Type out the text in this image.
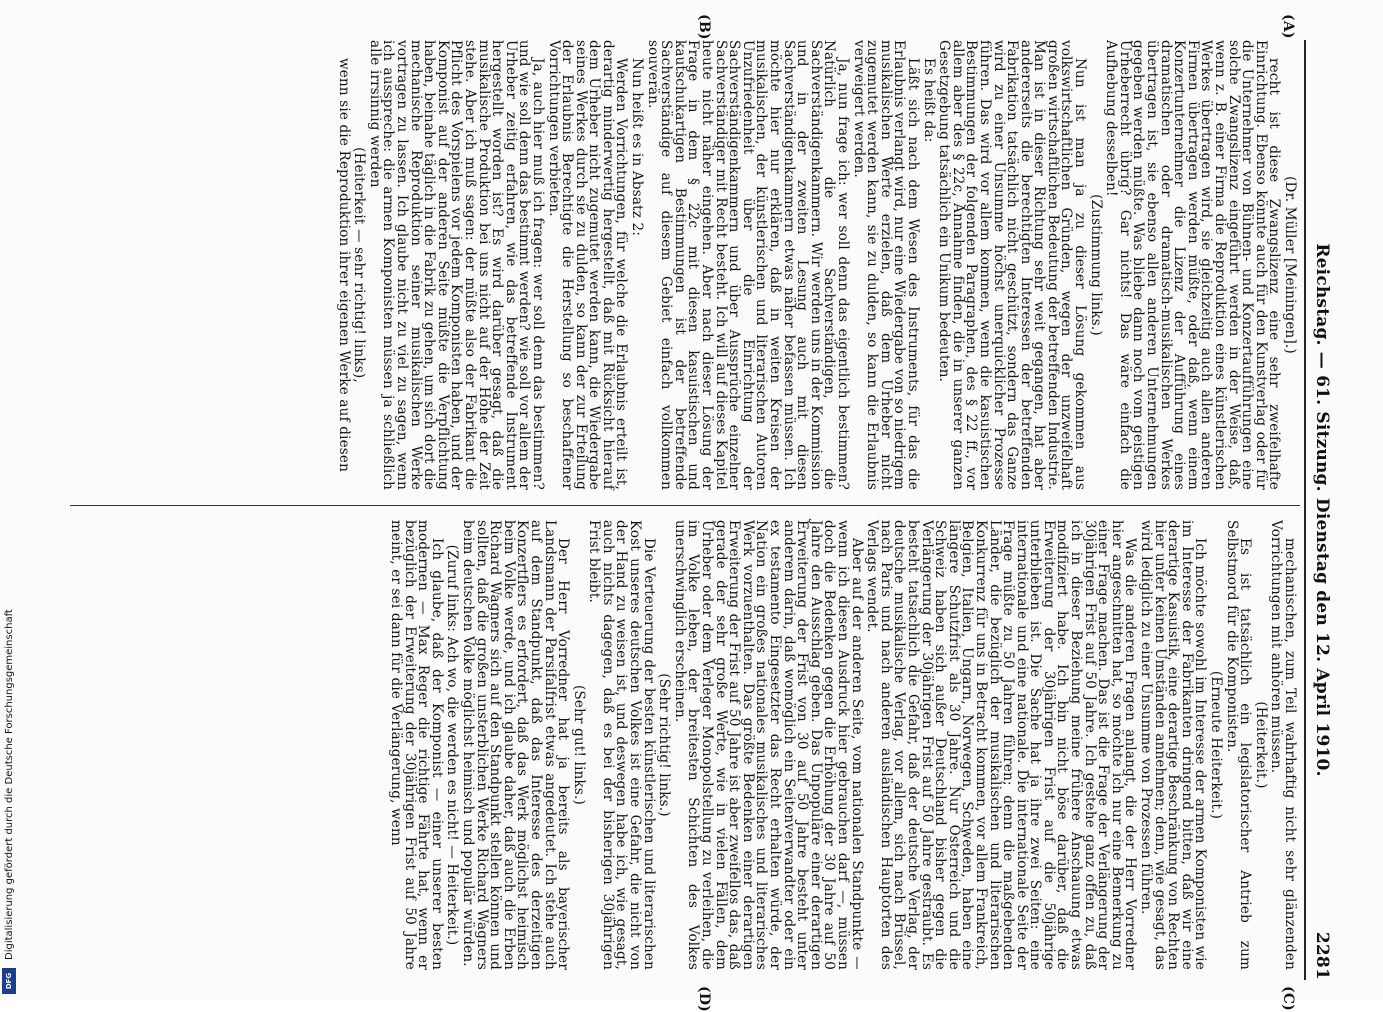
Reichstag. — 61. Sitzung. Dienstag den 12. April 1910.
2281

(Dr. Müller [Meiningen].)

recht ist diese Zwangslizenz eine sehr zweifelhafte Einrichtung. Ebenso könnte auch für den Kunstverlag oder für die Unternehmer von Bühnen- und Konzertaufführungen eine solche Zwangslizenz eingeführt werden in der Weise, daß, wenn z. B. einer Firma die Reproduktion eines künstlerischen Werkes übertragen wird, sie gleichzeitig auch allen anderen Firmen übertragen werden müßte, oder daß, wenn einem Konzertunternehmer die Lizenz der Aufführung eines dramatischen oder dramatisch-musikalischen Werkes übertragen ist, sie ebenso allen anderen Unternehmungen gegeben werden müßte. Was bliebe dann noch vom geistigen Urheberrecht übrig? Gar nichts! Das wäre einfach die Aufhebung desselben!

(Zustimmung links.)

Nun ist man ja zu dieser Lösung gekommen aus volkswirtschaftlichen Gründen, wegen der unzweifelhaft großen wirtschaftlichen Bedeutung der betreffenden Industrie. Man ist in dieser Richtung sehr weit gegangen, hat aber andererseits die berechtigten Interessen der betreffenden Fabrikation tatsächlich nicht geschützt, sondern das Ganze wird zu einer Unsumme höchst unerquicklicher Prozesse führen. Das wird vor allem kommen, wenn die kasuistischen Bestimmungen der folgenden Paragraphen, des § 22 ff., vor allem aber des § 22c, Annahme finden, die in unserer ganzen Gesetzgebung tatsächlich ein Unikum bedeuten.

Es heißt da:

Läßt sich nach dem Wesen des Instruments, für das die Erlaubnis verlangt wird, nur eine Wiedergabe von so niedrigem musikalischen Werte erzielen, daß dem Urheber nicht zugemutet werden kann, sie zu dulden, so kann die Erlaubnis verweigert werden.

Ja, nun frage ich: wer soll denn das eigentlich bestimmen? Natürlich die Sachverständigen, die Sachverständigenkammern. Wir werden uns in der Kommission und in der zweiten Lesung auch mit diesen Sachverständigenkammern etwas näher befassen müssen. Ich möchte hier nur erklären, daß in weiten Kreisen der musikalischen, der künstlerischen und literarischen Autoren Unzufriedenheit über die Einrichtung der Sachverständigenkammern und über Aussprüche einzelner Sachverständiger mit Recht besteht. Ich will auf dieses Kapitel heute nicht näher eingehen. Aber nach dieser Lösung der Frage in dem § 22c mit diesen kasuistischen und kautschukartigen Bestimmungen ist der betreffende Sachverständige auf diesem Gebiet einfach vollkommen souverän.

Nun heißt es in Absatz 2:

Werden Vorrichtungen, für welche die Erlaubnis erteilt ist, derartig minderwertig hergestellt, daß mit Rücksicht hierauf dem Urheber nicht zugemutet werden kann, die Wiedergabe seines Werkes durch sie zu dulden, so kann der zur Erteilung der Erlaubnis Berechtigte die Herstellung so beschaffener Vorrichtungen verbieten.

Ja, auch hier muß ich fragen: wer soll denn das bestimmen? und wie soll denn das bestimmt werden? wie soll vor allem der Urheber zeitig erfahren, wie das betreffende Instrument hergestellt worden ist? Es wird darüber gesagt, daß die musikalische Produktion bei uns nicht auf der Höhe der Zeit stehe. Aber ich muß sagen: der müßte also der Fabrikant die Pflicht des Vorspielens vor jedem Komponisten haben, und der Komponist auf der anderen Seite müßte die Verpflichtung haben, beinahe täglich in die Fabrik zu gehen, um sich dort die mechanische Reproduktion seiner musikalischen Werke vortragen zu lassen. Ich glaube nicht zu viel zu sagen, wenn ich ausspreche: die armen Komponisten müssen ja schließlich alle irrsinnig werden

(Heiterkeit — sehr richtig! links),

wenn sie die Reproduktion ihrer eigenen Werke auf diesen

mechanischen, zum Teil wahrhaftig nicht sehr glänzenden Vorrichtungen mit anhören müssen.

(Heiterkeit.)

Es ist tatsächlich ein legislatorischer Antrieb zum Selbstmord für die Komponisten.

(Erneute Heiterkeit.)

Ich möchte sowohl im Interesse der armen Komponisten wie im Interesse der Fabrikanten dringend bitten, daß wir eine derartige Kasuistik, eine derartige Beschränkung von Rechten hier unter keinen Umständen annehmen; denn, wie gesagt, das wird lediglich zu einer Unsumme von Prozessen führen.

Was die anderen Fragen anlangt, die der Herr Vorredner hier angeschnitten hat, so möchte ich nur eine Bemerkung zu einer Frage machen. Das ist die Frage der Verlängerung der 30jährigen Frist auf 50 Jahre. Ich gestehe ganz offen zu, daß ich in dieser Beziehung meine frühere Anschauung etwas modifiziert habe. Ich bin nicht böse darüber, daß die Erweiterung der 30jährigen Frist auf die 50jährige unterblieben ist. Die Sache hat ja ihre zwei Seiten: eine internationale und eine nationale. Die internationale Seite der Frage müßte zu 50 Jahren führen; denn die maßgebenden Länder, die bezüglich der musikalischen und literarischen Konkurrenz für uns in Betracht kommen, vor allem Frankreich, Belgien, Italien, Ungarn, Norwegen, Schweden, haben eine längere Schutzfrist als 30 Jahre. Nur Österreich und die Schweiz haben sich außer Deutschland bisher gegen die Verlängerung der 30jährigen Frist auf 50 Jahre gesträubt. Es besteht tatsächlich die Gefahr, daß der deutsche Verlag, der deutsche musikalische Verlag, vor allem, sich nach Brüssel, nach Paris und nach anderen ausländischen Hauptorten des Verlags wendet.

Aber auf der anderen Seite, vom nationalen Standpunkte — wenn ich diesen Ausdruck hier gebrauchen darf —, müssen doch die Bedenken gegen die Erhöhung der 30 Jahre auf 50 Jahre den Ausschlag geben. Das Unpopuläre einer derartigen Erweiterung der Frist von 30 auf 50 Jahre besteht unter anderem darin, daß womöglich ein Seitenverwandter oder ein ex testamento Eingesetzter das Recht erhalten würde, der Nation ein großes nationales musikalisches und literarisches Werk vorzuenthalten. Das größte Bedenken einer derartigen Erweiterung der Frist auf 50 Jahre ist aber zweifellos das, daß gerade der sehr große Werte, wie in vielen Fällen, dem Urheber oder dem Verleger Monopolstellung zu verleihen, die im Volke leben, der breitesten Schichten des Volkes unerschwinglich erscheinen.

(Sehr richtig! links.)

Die Verteuerung der besten künstlerischen und literarischen Kost unseres deutschen Volkes ist eine Gefahr, die nicht von der Hand zu weisen ist, und deswegen habe ich, wie gesagt, auch nichts dagegen, daß es bei der bisherigen 30jährigen Frist bleibt.

(Sehr gut! links.)

Der Herr Vorredner hat ja bereits als bayerischer Landsmann der Parsifalfrist etwas angedeutet. Ich stehe auch auf dem Standpunkt, daß das Interesse des derzeitigen Konzertflers es erfordert, daß das Werk möglichst heimisch beim Volke werde, und ich glaube daher, daß auch die Erben Richard Wagners sich auf den Standpunkt stellen können und sollten, daß die großen unsterblichen Werke Richard Wagners beim deutschen Volke möglichst heimisch und populär würden.

(Zuruf links: Ach wo, die werden es nicht! — Heiterkeit.)

Ich glaube, daß der Komponist — einer unserer besten modernen — Max Reger die richtige Fährte hat, wenn er bezüglich der Erweiterung der 30jährigen Frist auf 50 Jahre meint, er sei dann für die Verlängerung, wenn

(A)
(B)
(C)
(D)
Digitalisierung gefördert durch die Deutsche Forschungsgemeinschaft
DFG
